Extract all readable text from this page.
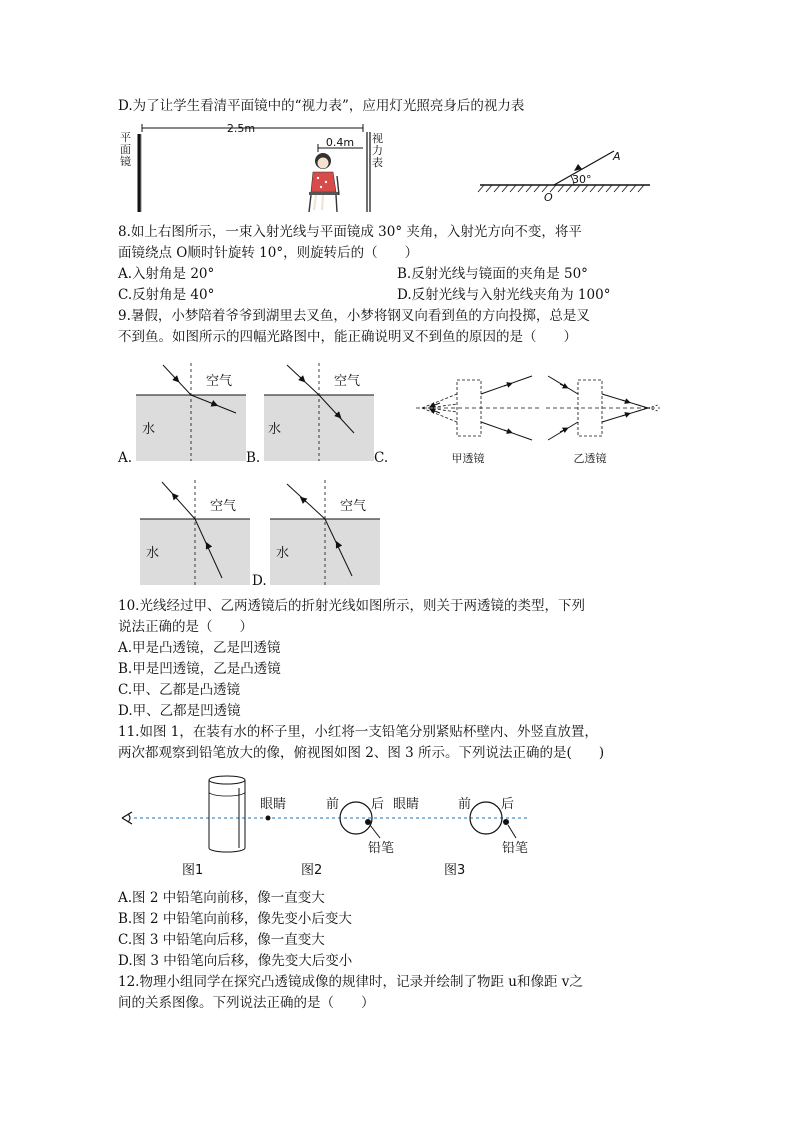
D.为了让学生看清平面镜中的“视力表”，应用灯光照亮身后的视力表
平
面
镜
2.5m
0.4m 视
力
表	A
O
30°
8.如上右图所示，一束入射光线与平面镜成 30° 夹角，入射光方向不变，将平
面镜绕点 O顺时针旋转 10°，则旋转后的（　　）
A.入射角是 20°	B.反射光线与镜面的夹角是 50°
C.反射角是 40°	D.反射光线与入射光线夹角为 100°
9.暑假，小梦陪着爷爷到湖里去叉鱼，小梦将钢叉向看到鱼的方向投掷，总是叉
不到鱼。如图所示的四幅光路图中，能正确说明叉不到鱼的原因的是（　　）
空气
水
空气
水
A.	B.	C.	甲透镜	乙透镜
空气
水
空气
水
D.
10.光线经过甲、乙两透镜后的折射光线如图所示，则关于两透镜的类型，下列
说法正确的是（　　）
A.甲是凸透镜，乙是凹透镜
B.甲是凹透镜，乙是凸透镜
C.甲、乙都是凸透镜
D.甲、乙都是凹透镜
11.如图 1，在装有水的杯子里，小红将一支铅笔分别紧贴杯壁内、外竖直放置，
两次都观察到铅笔放大的像，俯视图如图 2、图 3 所示。下列说法正确的是(　　)
图1
眼睛	前 后
铅笔
图2
眼睛	前 后
铅笔
图3
A.图 2 中铅笔向前移，像一直变大
B.图 2 中铅笔向前移，像先变小后变大
C.图 3 中铅笔向后移，像一直变大
D.图 3 中铅笔向后移，像先变大后变小
12.物理小组同学在探究凸透镜成像的规律时，记录并绘制了物距 u和像距 v之
间的关系图像。下列说法正确的是（　　）
